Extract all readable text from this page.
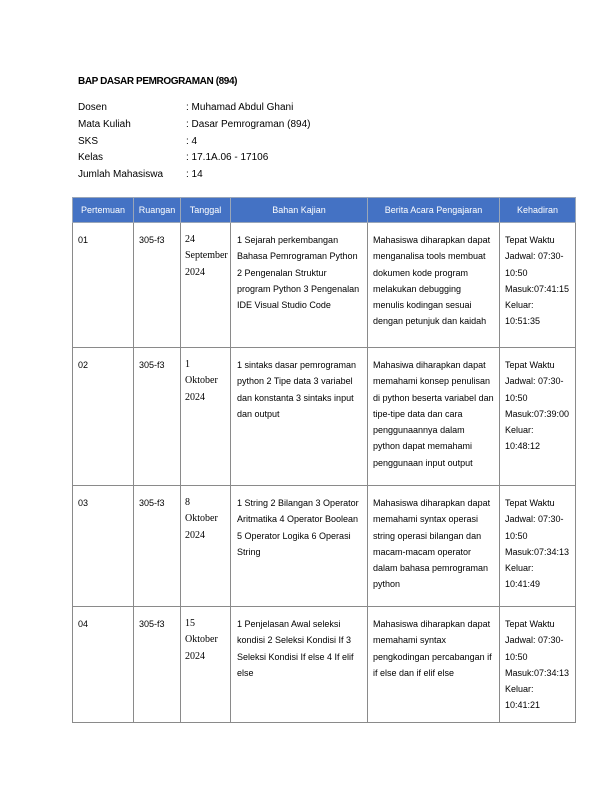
BAP DASAR PEMROGRAMAN (894)
Dosen	: Muhamad Abdul Ghani
Mata Kuliah	: Dasar Pemrograman (894)
SKS	: 4
Kelas	: 17.1A.06 - 17106
Jumlah Mahasiswa	: 14
Pertemuan	Ruangan	Tanggal	Bahan Kajian	Berita Acara Pengajaran	Kehadiran
01	305-f3	24 September 2024	1 Sejarah perkembangan Bahasa Pemrograman Python 2 Pengenalan Struktur program Python 3 Pengenalan IDE Visual Studio Code	Mahasiswa diharapkan dapat menganalisa tools membuat dokumen kode program melakukan debugging menulis kodingan sesuai dengan petunjuk dan kaidah	Tepat Waktu Jadwal: 07:30-10:50 Masuk:07:41:15 Keluar: 10:51:35
02	305-f3	1 Oktober 2024	1 sintaks dasar pemrograman python 2 Tipe data 3 variabel dan konstanta 3 sintaks input dan output	Mahasiwa diharapkan dapat memahami konsep penulisan di python beserta variabel dan tipe-tipe data dan cara penggunaannya dalam python dapat memahami penggunaan input output	Tepat Waktu Jadwal: 07:30-10:50 Masuk:07:39:00 Keluar: 10:48:12
03	305-f3	8 Oktober 2024	1 String 2 Bilangan 3 Operator Aritmatika 4 Operator Boolean 5 Operator Logika 6 Operasi String	Mahasiswa diharapkan dapat memahami syntax operasi string operasi bilangan dan macam-macam operator dalam bahasa pemrograman python	Tepat Waktu Jadwal: 07:30-10:50 Masuk:07:34:13 Keluar: 10:41:49
04	305-f3	15 Oktober 2024	1 Penjelasan Awal seleksi kondisi 2 Seleksi Kondisi If 3 Seleksi Kondisi If else 4 If elif else	Mahasiswa diharapkan dapat memahami syntax pengkodingan percabangan if if else dan if elif else	Tepat Waktu Jadwal: 07:30-10:50 Masuk:07:34:13 Keluar: 10:41:21
